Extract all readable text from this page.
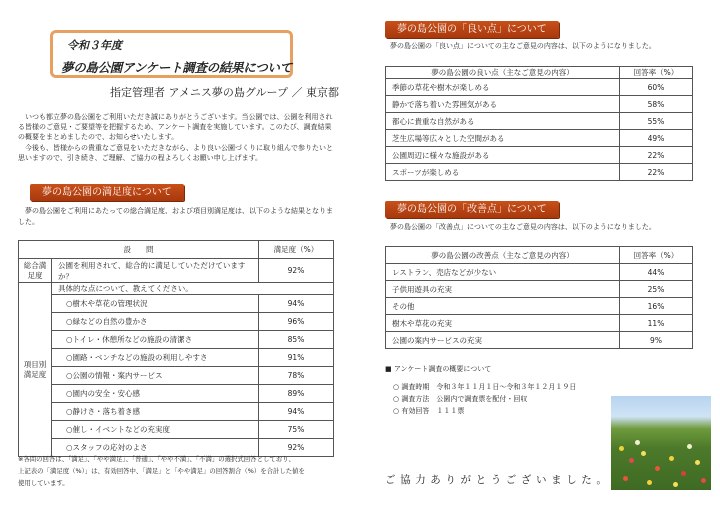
令和３年度
夢の島公園アンケート調査の結果について
指定管理者 アメニス夢の島グループ ／ 東京都

いつも都立夢の島公園をご利用いただき誠にありがとうございます。当公園では、公園を利用される皆様のご意見・ご要望等を把握するため、アンケート調査を実施しています。このたび、調査結果の概要をまとめましたので、お知らせいたします。

今後も、皆様からの貴重なご意見をいただきながら、より良い公園づくりに取り組んで参りたいと思いますので、引き続き、ご理解、ご協力の程よろしくお願い申し上げます。

夢の島公園の満足度について
夢の島公園をご利用にあたっての総合満足度、および項目別満足度は、以下のような結果となりました。
設　　問		満足度（%）
総合満足度	公園を利用されて、総合的に満足していただけていますか？	92%
項目別満足度	具体的な点について、教えてください。	
	○樹木や草花の管理状況	94%
	○緑などの自然の豊かさ	96%
	○トイレ・休憩所などの施設の清潔さ	85%
	○園路・ベンチなどの施設の利用しやすさ	91%
	○公園の情報・案内サービス	78%
	○園内の安全・安心感	89%
	○静けさ・落ち着き感	94%
	○催し・イベントなどの充実度	75%
	○スタッフの応対のよさ	92%

※各問の回答は、「満足」、「やや満足」、「普通」、「やや不満」、「不満」の選択式回答としており、

上記表の「満足度（%）」は、有効回答中、「満足」と「やや満足」の回答割合（%）を合計した値を

使用しています。

夢の島公園の「良い点」について
夢の島公園の「良い点」についての主なご意見の内容は、以下のようになりました。
夢の島公園の良い点（主なご意見の内容）	回答率（%）
季節の草花や樹木が楽しめる	60%
静かで落ち着いた雰囲気がある	58%
都心に貴重な自然がある	55%
芝生広場等広々とした空間がある	49%
公園周辺に様々な施設がある	22%
スポーツが楽しめる	22%
夢の島公園の「改善点」について
夢の島公園の「改善点」についての主なご意見の内容は、以下のようになりました。
夢の島公園の改善点（主なご意見の内容）	回答率（%）
レストラン、売店などが少ない	44%
子供用遊具の充実	25%
その他	16%
樹木や草花の充実	11%
公園の案内サービスの充実	9%

■ アンケート調査の概要について

○ 調査時期　令和３年１１月１日～令和３年１２月１９日

○ 調査方法　公園内で調査票を配付・回収

○ 有効回答　１１１票

ご協力ありがとうございました。
